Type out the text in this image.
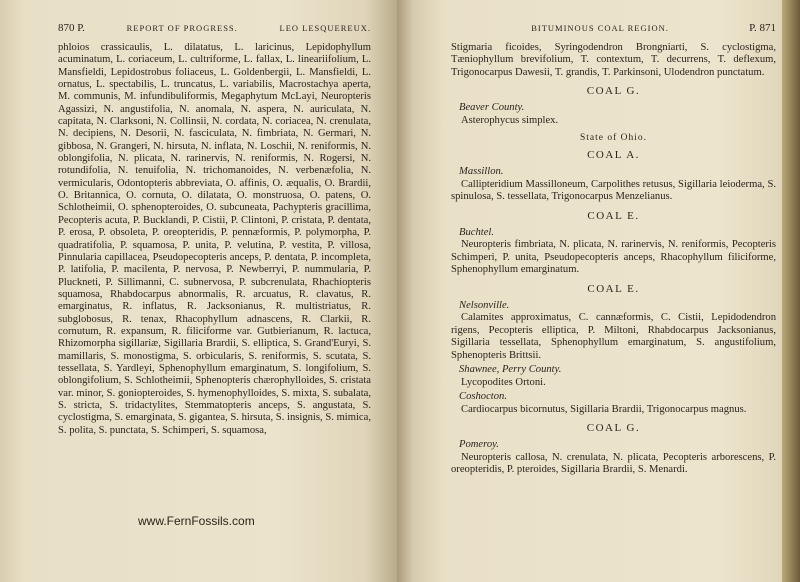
870 P.	REPORT OF PROGRESS.	LEO LESQUEREUX.
phloios crassicaulis, L. dilatatus, L. laricinus, Lepidophyllum acuminatum, L. coriaceum, L. cultriforme, L. fallax, L. lineariifolium, L. Mansfieldi, Lepidostrobus foliaceus, L. Goldenbergii, L. Mansfieldi, L. ornatus, L. spectabilis, L. truncatus, L. variabilis, Macrostachya aperta, M. communis, M. infundibuliformis, Megaphytum McLayi, Neuropteris Agassizi, N. angustifolia, N. anomala, N. aspera, N. auriculata, N. capitata, N. Clarksoni, N. Collinsii, N. cordata, N. coriacea, N. crenulata, N. decipiens, N. Desorii, N. fasciculata, N. fimbriata, N. Germari, N. gibbosa, N. Grangeri, N. hirsuta, N. inflata, N. Loschii, N. reniformis, N. oblongifolia, N. plicata, N. rarinervis, N. reniformis, N. Rogersi, N. rotundifolia, N. tenuifolia, N. trichomanoides, N. verbenæfolia, N. vermicularis, Odontopteris abbreviata, O. affinis, O. æqualis, O. Brardii, O. Britannica, O. cornuta, O. dilatata, O. monstruosa, O. patens, O. Schlotheimii, O. sphenopteroides, O. subcuneata, Pachypteris gracillima, Pecopteris acuta, P. Bucklandi, P. Cistii, P. Clintoni, P. cristata, P. dentata, P. erosa, P. obsoleta, P. oreopteridis, P. pennæformis, P. polymorpha, P. quadratifolia, P. squamosa, P. unita, P. velutina, P. vestita, P. villosa, Pinnularia capillacea, Pseudopecopteris anceps, P. dentata, P. incompleta, P. latifolia, P. macilenta, P. nervosa, P. Newberryi, P. nummularia, P. Pluckneti, P. Sillimanni, C. subnervosa, P. subcrenulata, Rhachiopteris squamosa, Rhabdocarpus abnormalis, R. arcuatus, R. clavatus, R. emarginatus, R. inflatus, R. Jacksonianus, R. multistriatus, R. subglobosus, R. tenax, Rhacophyllum adnascens, R. Clarkii, R. cornutum, R. expansum, R. filiciforme var. Gutbierianum, R. lactuca, Rhizomorpha sigillariæ, Sigillaria Brardii, S. elliptica, S. Grand'Euryi, S. mamillaris, S. monostigma, S. orbicularis, S. reniformis, S. scutata, S. tessellata, S. Yardleyi, Sphenophyllum emarginatum, S. longifolium, S. oblongifolium, S. Schlotheimii, Sphenopteris chærophylloides, S. cristata var. minor, S. goniopteroides, S. hymenophylloides, S. mixta, S. subalata, S. stricta, S. tridactylites, Stemmatopteris anceps, S. angustata, S. cyclostigma, S. emarginata, S. gigantea, S. hirsuta, S. insignis, S. mimica, S. polita, S. punctata, S. Schimperi, S. squamosa,
www.FernFossils.com
BITUMINOUS COAL REGION.	P. 871
Stigmaria ficoides, Syringodendron Brongniarti, S. cyclostigma, Tæniophyllum brevifolium, T. contextum, T. decurrens, T. deflexum, Trigonocarpus Dawesii, T. grandis, T. Parkinsoni, Ulodendron punctatum.
COAL G.
Beaver County.
Asterophycus simplex.
State of Ohio.
COAL A.
Massillon.
Callipteridium Massilloneum, Carpolithes retusus, Sigillaria leioderma, S. spinulosa, S. tessellata, Trigonocarpus Menzelianus.
COAL E.
Buchtel.
Neuropteris fimbriata, N. plicata, N. rarinervis, N. reniformis, Pecopteris Schimperi, P. unita, Pseudopecopteris anceps, Rhacophyllum filiciforme, Sphenophyllum emarginatum.
COAL E.
Nelsonville.
Calamites approximatus, C. cannæformis, C. Cistii, Lepidodendron rigens, Pecopteris elliptica, P. Miltoni, Rhabdocarpus Jacksonianus, Sigillaria tessellata, Sphenophyllum emarginatum, S. angustifolium, Sphenopteris Brittsii.
Shawnee, Perry County.
Lycopodites Ortoni.
Coshocton.
Cardiocarpus bicornutus, Sigillaria Brardii, Trigonocarpus magnus.
COAL G.
Pomeroy.
Neuropteris callosa, N. crenulata, N. plicata, Pecopteris arborescens, P. oreopteridis, P. pteroides, Sigillaria Brardii, S. Menardi.
